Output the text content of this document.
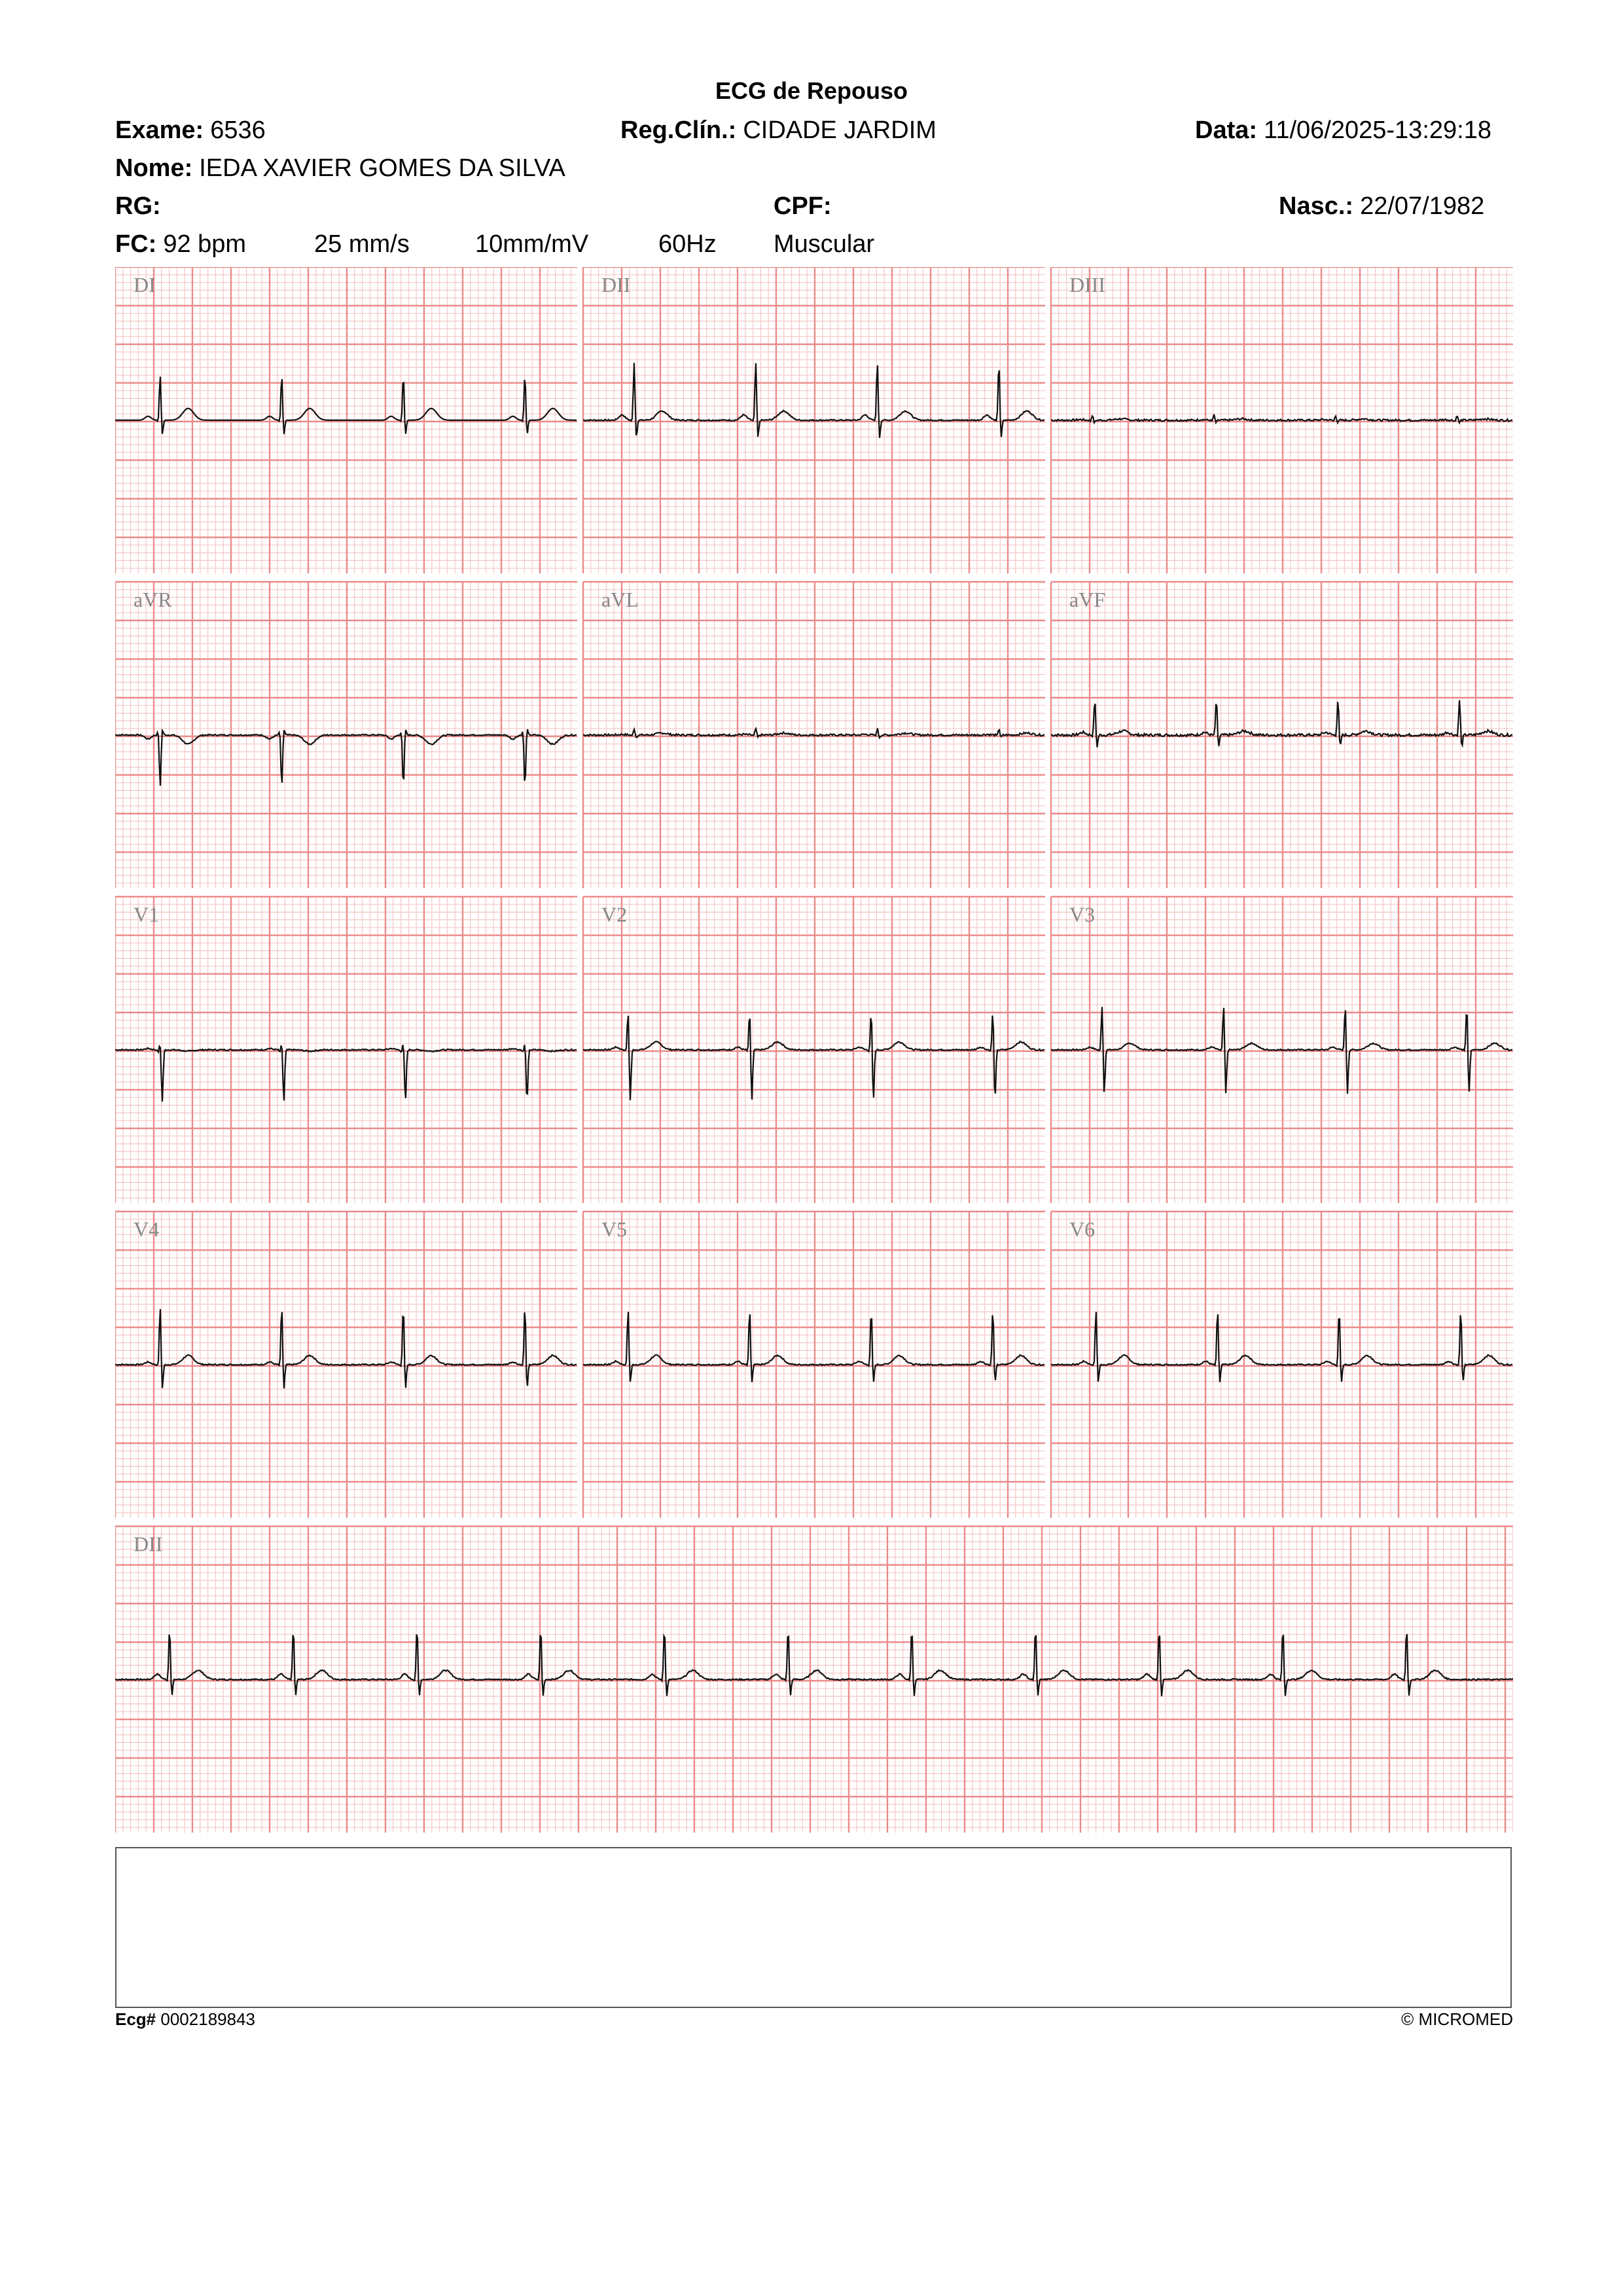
ECG de Repouso
Exame: 6536	Reg.Clín.: CIDADE JARDIM	Data: 11/06/2025-13:29:18
Nome: IEDA XAVIER GOMES DA SILVA
RG:	CPF:	Nasc.: 22/07/1982
FC: 92 bpm	25 mm/s	10mm/mV	60Hz Muscular
DI	DII	DIII
aVR	aVL	aVF
V1	V2	V3
V4	V5	V6
DII
Ecg# 0002189843	© MICROMED
